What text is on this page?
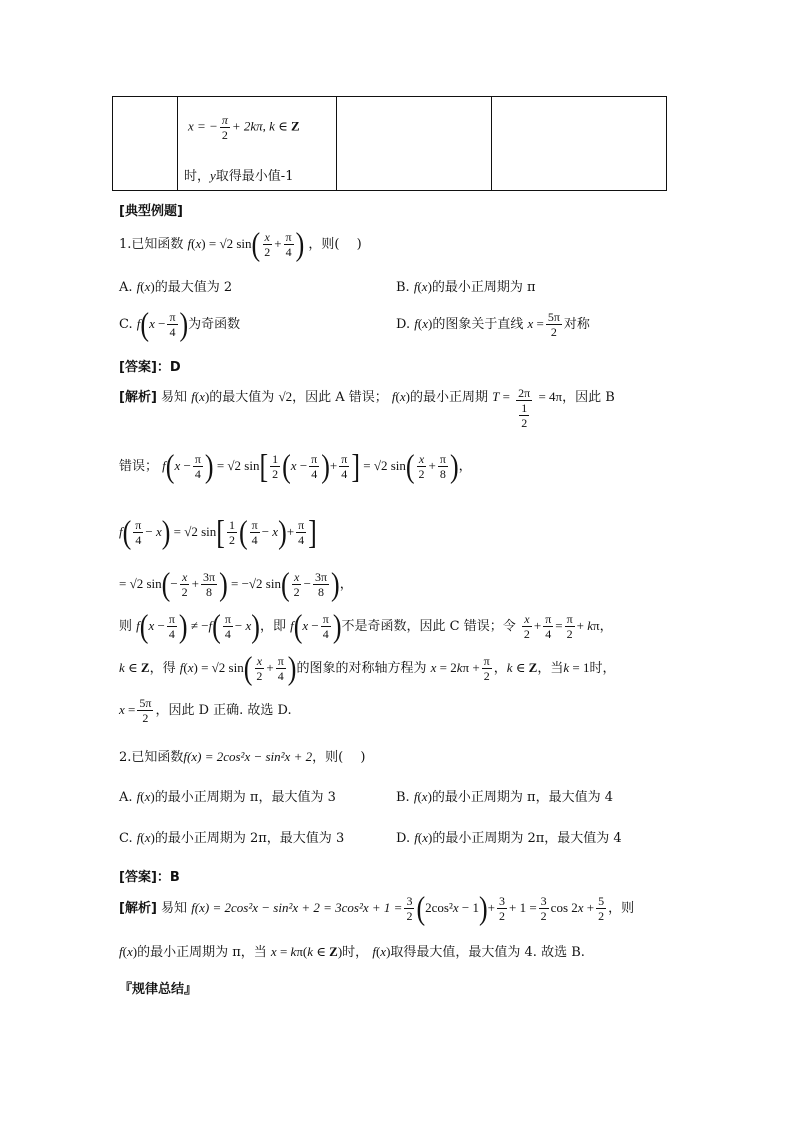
x = − $\frac{\pi}{2} + 2k\pi$, k ∈ Z
时，y取得最小值-1

[典型例题]
1.已知函数 f(x) = √2 $\sin( \frac{x}{2} + \frac{\pi}{4}$ ) ，则(　 )
A. f(x)的最大值为 2	B. f(x)的最小正周期为 π
C. $f(x - \frac{\pi}{4}$ )为奇函数	D. f(x)的图象关于直线 $x = \frac{5\pi}{2}$ 对称
[答案]：D
[解析] 易知 f(x)的最大值为 √2，因此 A 错误； f(x)的最小正周期 $T = \frac{2\pi}{\frac{1}{2}} = 4\pi$，因此 B
错误； $f(x - \frac{\pi}{4}$ ) = √2 $\sin[ \frac{1}{2} (x - \frac{\pi}{4}$ )+ $\frac{\pi}{4}$ ] = √2 $\sin( \frac{x}{2} + \frac{\pi}{8}$ )，
$f( \frac{\pi}{4} - x) = √2$ $\sin[ \frac{1}{2}$ ( $\frac{\pi}{4} - x)+ \frac{\pi}{4}$ ]
= √2 $\sin(- \frac{x}{2} + \frac{3\pi}{8}$ ) = −√2 $\sin( \frac{x}{2} - \frac{3\pi}{8}$ )，
则 $f(x - \frac{\pi}{4}$ ) ≠ $-f( \frac{\pi}{4} - x)$，即 $f(x - \frac{\pi}{4}$ )不是奇函数，因此 C 错误；令 $\frac{x}{2} + \frac{\pi}{4} = \frac{\pi}{2} + k\pi$，
k ∈ Z，得 f(x) = √2 $\sin( \frac{x}{2} + \frac{\pi}{4}$ )的图象的对称轴方程为 $x = 2k\pi + \frac{\pi}{2}$ ，k ∈ Z，当k = 1时，
$x = \frac{5\pi}{2}$ ，因此 D 正确. 故选 D.
2.已知函数f(x) = 2cos²x − sin²x + 2，则(　 )
A. f(x)的最小正周期为 π，最大值为 3	B. f(x)的最小正周期为 π，最大值为 4
C. f(x)的最小正周期为 2π，最大值为 3	D. f(x)的最小正周期为 2π，最大值为 4
[答案]：B
[解析] 易知 $f(x) = 2\cos^2x - \sin^2x + 2 = 3\cos^2x + 1 = \frac{3}{2} (2\cos^2x - 1)+ \frac{3}{2} + 1 = \frac{3}{2}$ $\cos 2x + \frac{5}{2}$ ，则
f(x)的最小正周期为 π，当 x = kπ(k ∈ Z)时， f(x)取得最大值，最大值为 4. 故选 B.
『规律总结』
